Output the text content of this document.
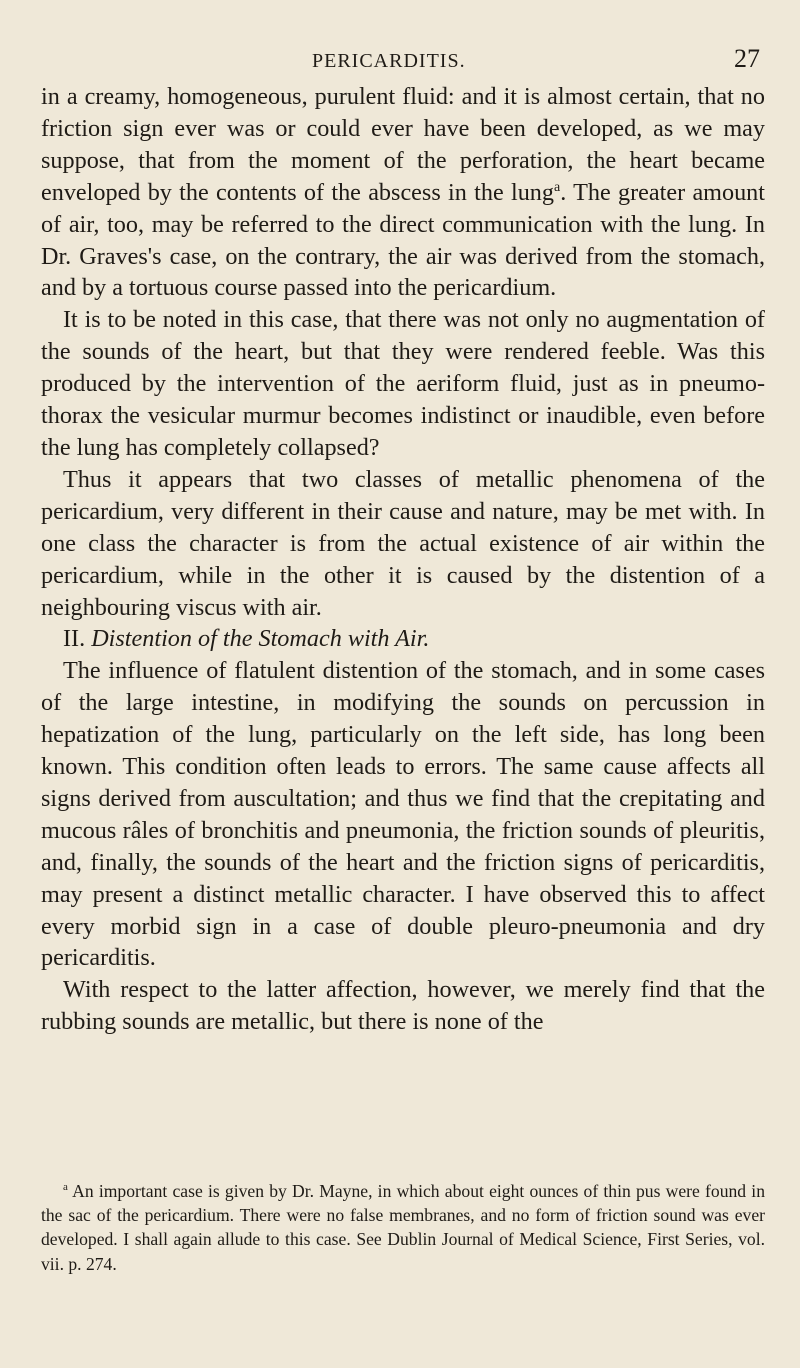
PERICARDITIS.	27

in a creamy, homogeneous, purulent fluid: and it is almost certain, that no friction sign ever was or could ever have been developed, as we may suppose, that from the moment of the perforation, the heart became enveloped by the contents of the abscess in the lung$^a$. The greater amount of air, too, may be referred to the direct communication with the lung. In Dr. Graves's case, on the contrary, the air was derived from the stomach, and by a tortuous course passed into the pericardium.

It is to be noted in this case, that there was not only no augmentation of the sounds of the heart, but that they were rendered feeble. Was this produced by the intervention of the aeriform fluid, just as in pneumo-thorax the vesicular murmur becomes indistinct or inaudible, even before the lung has completely collapsed?

Thus it appears that two classes of metallic phenomena of the pericardium, very different in their cause and nature, may be met with. In one class the character is from the actual existence of air within the pericardium, while in the other it is caused by the distention of a neighbouring viscus with air.

II. Distention of the Stomach with Air.

The influence of flatulent distention of the stomach, and in some cases of the large intestine, in modifying the sounds on percussion in hepatization of the lung, particularly on the left side, has long been known. This condition often leads to errors. The same cause affects all signs derived from auscultation; and thus we find that the crepitating and mucous râles of bronchitis and pneumonia, the friction sounds of pleuritis, and, finally, the sounds of the heart and the friction signs of pericarditis, may present a distinct metallic character. I have observed this to affect every morbid sign in a case of double pleuro-pneumonia and dry pericarditis.

With respect to the latter affection, however, we merely find that the rubbing sounds are metallic, but there is none of the

$^a$ An important case is given by Dr. Mayne, in which about eight ounces of thin pus were found in the sac of the pericardium. There were no false membranes, and no form of friction sound was ever developed. I shall again allude to this case. See Dublin Journal of Medical Science, First Series, vol. vii. p. 274.
